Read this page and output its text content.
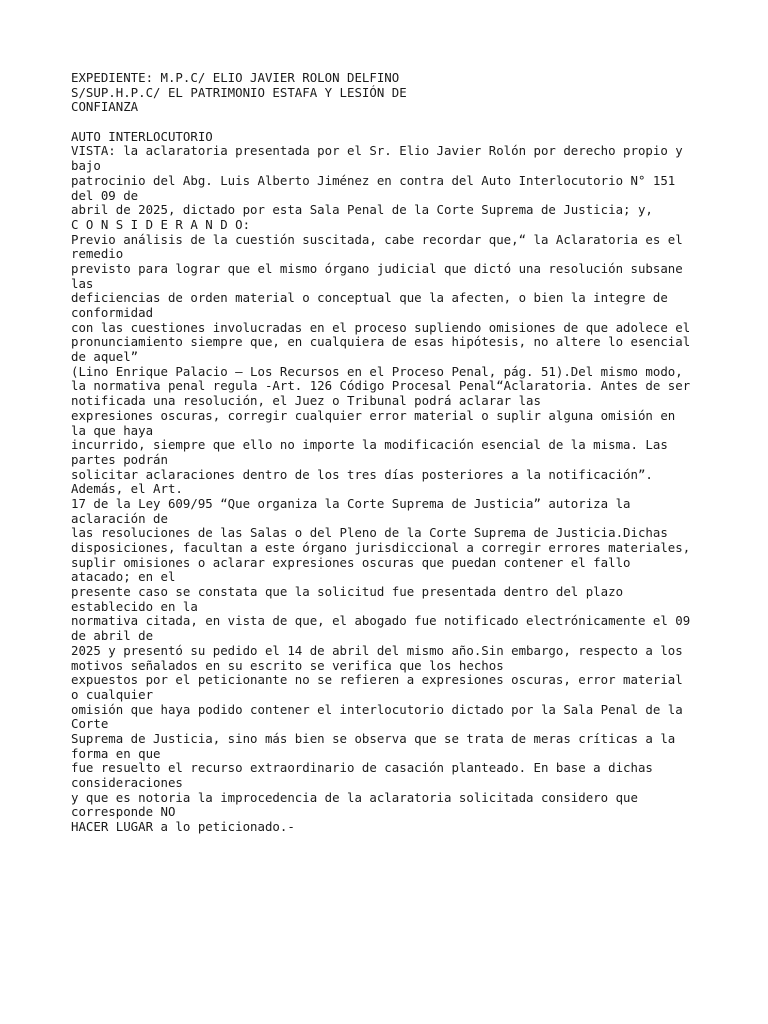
EXPEDIENTE: M.P.C/ ELIO JAVIER ROLON DELFINO
S/SUP.H.P.C/ EL PATRIMONIO ESTAFA Y LESIÓN DE
CONFIANZA
AUTO INTERLOCUTORIO
VISTA: la aclaratoria presentada por el Sr. Elio Javier Rolón por derecho propio y
bajo
patrocinio del Abg. Luis Alberto Jiménez en contra del Auto Interlocutorio N° 151
del 09 de
abril de 2025, dictado por esta Sala Penal de la Corte Suprema de Justicia; y,
C O N S I D E R A N D O:
Previo análisis de la cuestión suscitada, cabe recordar que,“ la Aclaratoria es el
remedio
previsto para lograr que el mismo órgano judicial que dictó una resolución subsane
las
deficiencias de orden material o conceptual que la afecten, o bien la integre de
conformidad
con las cuestiones involucradas en el proceso supliendo omisiones de que adolece el
pronunciamiento siempre que, en cualquiera de esas hipótesis, no altere lo esencial
de aquel”
(Lino Enrique Palacio – Los Recursos en el Proceso Penal, pág. 51).Del mismo modo,
la normativa penal regula -Art. 126 Código Procesal Penal“Aclaratoria. Antes de ser
notificada una resolución, el Juez o Tribunal podrá aclarar las
expresiones oscuras, corregir cualquier error material o suplir alguna omisión en
la que haya
incurrido, siempre que ello no importe la modificación esencial de la misma. Las
partes podrán
solicitar aclaraciones dentro de los tres días posteriores a la notificación”.
Además, el Art.
17 de la Ley 609/95 “Que organiza la Corte Suprema de Justicia” autoriza la
aclaración de
las resoluciones de las Salas o del Pleno de la Corte Suprema de Justicia.Dichas
disposiciones, facultan a este órgano jurisdiccional a corregir errores materiales,
suplir omisiones o aclarar expresiones oscuras que puedan contener el fallo
atacado; en el
presente caso se constata que la solicitud fue presentada dentro del plazo
establecido en la
normativa citada, en vista de que, el abogado fue notificado electrónicamente el 09
de abril de
2025 y presentó su pedido el 14 de abril del mismo año.Sin embargo, respecto a los
motivos señalados en su escrito se verifica que los hechos
expuestos por el peticionante no se refieren a expresiones oscuras, error material
o cualquier
omisión que haya podido contener el interlocutorio dictado por la Sala Penal de la
Corte
Suprema de Justicia, sino más bien se observa que se trata de meras críticas a la
forma en que
fue resuelto el recurso extraordinario de casación planteado. En base a dichas
consideraciones
y que es notoria la improcedencia de la aclaratoria solicitada considero que
corresponde NO
HACER LUGAR a lo peticionado.-
